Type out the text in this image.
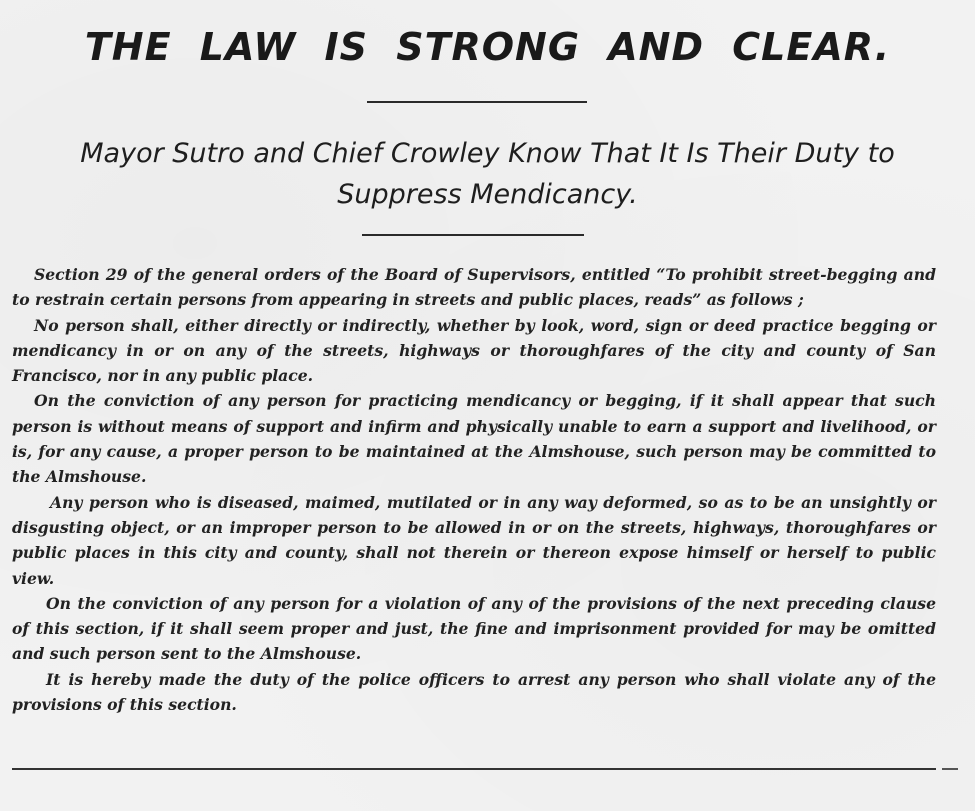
THE LAW IS STRONG AND CLEAR.
Mayor Sutro and Chief Crowley Know That It Is Their Duty to
Suppress Mendicancy.

Section 29 of the general orders of the Board of Supervisors, entitled “To prohibit street-begging and to restrain certain persons from appearing in streets and public places, reads” as follows ;

No person shall, either directly or indirectly, whether by look, word, sign or deed practice begging or mendicancy in or on any of the streets, highways or thoroughfares of the city and county of San Francisco, nor in any public place.

On the conviction of any person for practicing mendicancy or begging, if it shall appear that such person is without means of support and infirm and physically unable to earn a support and livelihood, or is, for any cause, a proper person to be maintained at the Almshouse, such person may be committed to the Almshouse.

Any person who is diseased, maimed, mutilated or in any way deformed, so as to be an unsightly or disgusting object, or an improper person to be allowed in or on the streets, highways, thoroughfares or public places in this city and county, shall not therein or thereon expose himself or herself to public view.

On the conviction of any person for a violation of any of the provisions of the next preceding clause of this section, if it shall seem proper and just, the fine and imprisonment provided for may be omitted and such person sent to the Almshouse.

It is hereby made the duty of the police officers to arrest any person who shall violate any of the provisions of this section.
